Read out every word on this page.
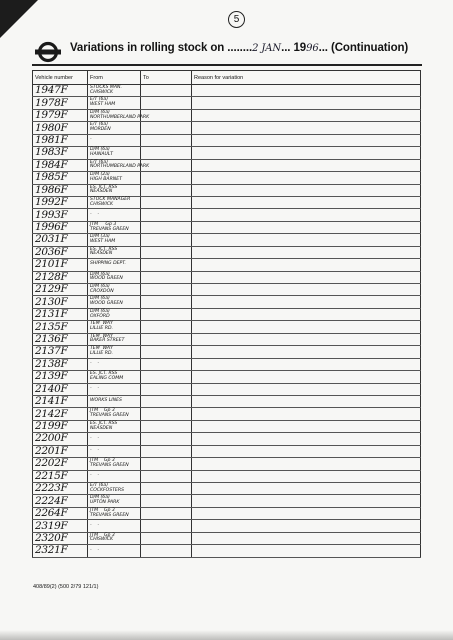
5
Variations in rolling stock on ........2 JAN... 1996... (Continuation)
Vehicle number	From	To	Reason for variation

1947F	STOCKS MAN.
CHISWICK		

1978F	E/T (6a)
WEST HAM		

1979F	D/M (6a)
NORTHUMBERLAND PARK		

1980F	E/T (6a)
MORDEN		

1981F	-		

1983F	D/M (6a)
HAINAULT		

1984F	E/T (6a)
NORTHUMBERLAND PARK		

1985F	D/M (2a)
HIGH BARNET		

1986F	ES. JCT. RSS
NEASDEN		

1992F	STOCK MANAGER
CHISWICK		

1993F	-    -		

1996F	JTM     Gp 3
TREVANS GREEN		

2031F	D/M (3a)
WEST HAM		

2036F	ES. JCT. RSS
NEASDEN		

2101F	SHIPPING DEPT.		

2128F	D/M (6a)
WOOD GREEN		

2129F	D/M (6a)
CROXDON		

2130F	D/M (6a)
WOOD GREEN		

2131F	D/M (6a)
OXFORD		

2135F	TEM  WAY
LILLIE RD.		

2136F	TEM  WAY
BAKER STREET		

2137F	TEM  WAY
LILLIE RD.		

2138F	-    -		

2139F	ES. JCT. RSS
EALING COMM		

2140F	-    -		

2141F	WORKS LINES		

2142F	JTM    Gp 3
TREVANS GREEN		

2199F	ES. JCT. RSS
NEASDEN		

2200F	-    -		

2201F	-    -		

2202F	JTM    Gp 3
TREVANS GREEN		

2215F	-    -		

2223F	E/T (6a)
COCKFOSTERS		

2224F	D/M (6a)
UPTON PARK		

2264F	JTM    Gp 3
TREVANS GREEN		

2319F	-    -		

2320F	JTM    Gp 3
CHISWICK		

2321F	-    -		

408/89(2) (500 2/79 121/1)
